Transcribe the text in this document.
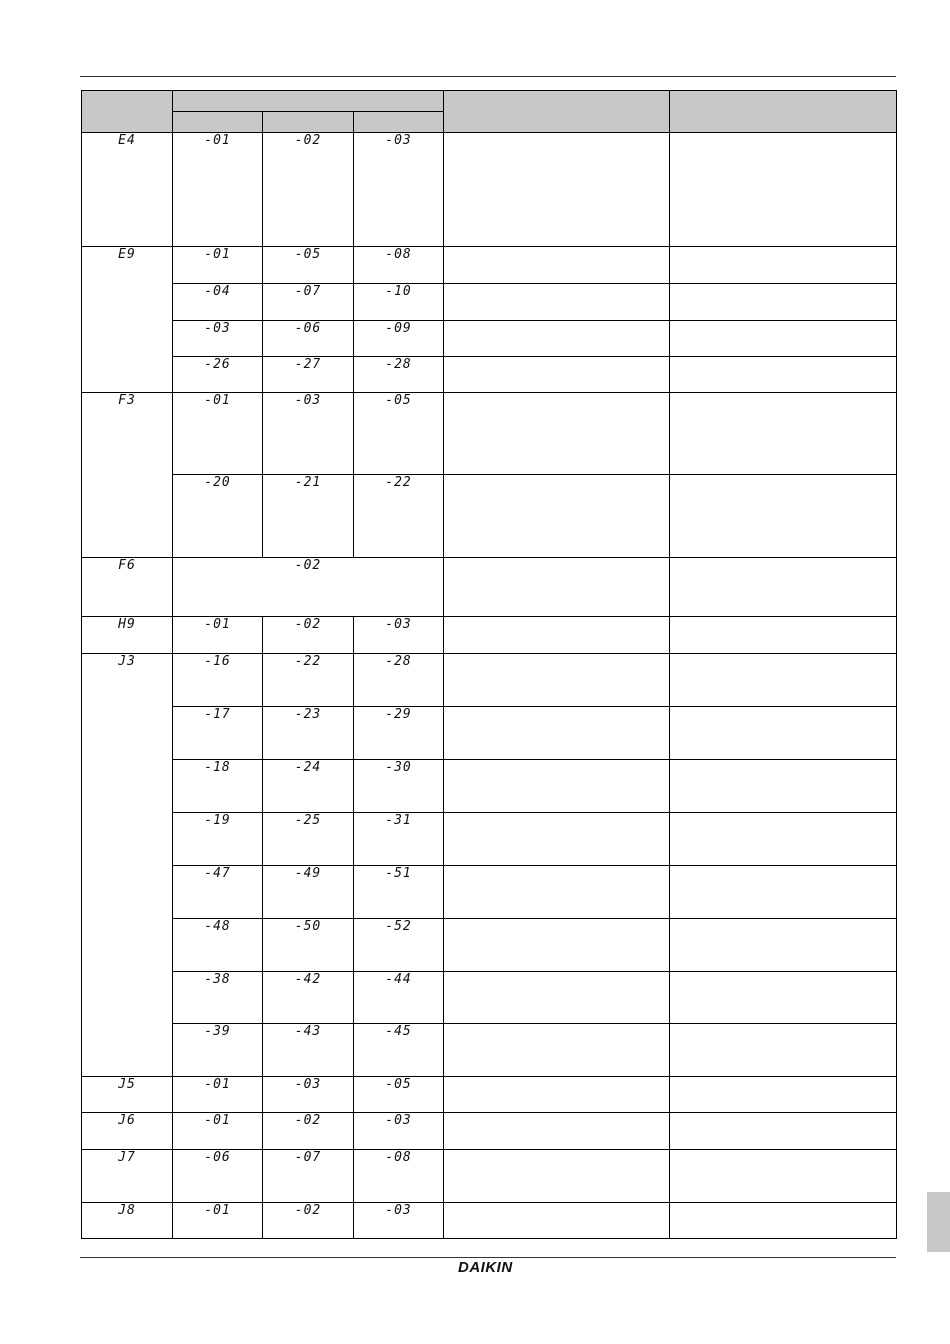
E4	-01	-02	-03		
E9	-01	-05	-08		
	-04	-07	-10		
	-03	-06	-09		
	-26	-27	-28		
F3	-01	-03	-05		
	-20	-21	-22		
F6	-02				
H9	-01	-02	-03		
J3	-16	-22	-28		
	-17	-23	-29		
	-18	-24	-30		
	-19	-25	-31		
	-47	-49	-51		
	-48	-50	-52		
	-38	-42	-44		
	-39	-43	-45		
J5	-01	-03	-05		
J6	-01	-02	-03		
J7	-06	-07	-08		
J8	-01	-02	-03		
DAIKIN
